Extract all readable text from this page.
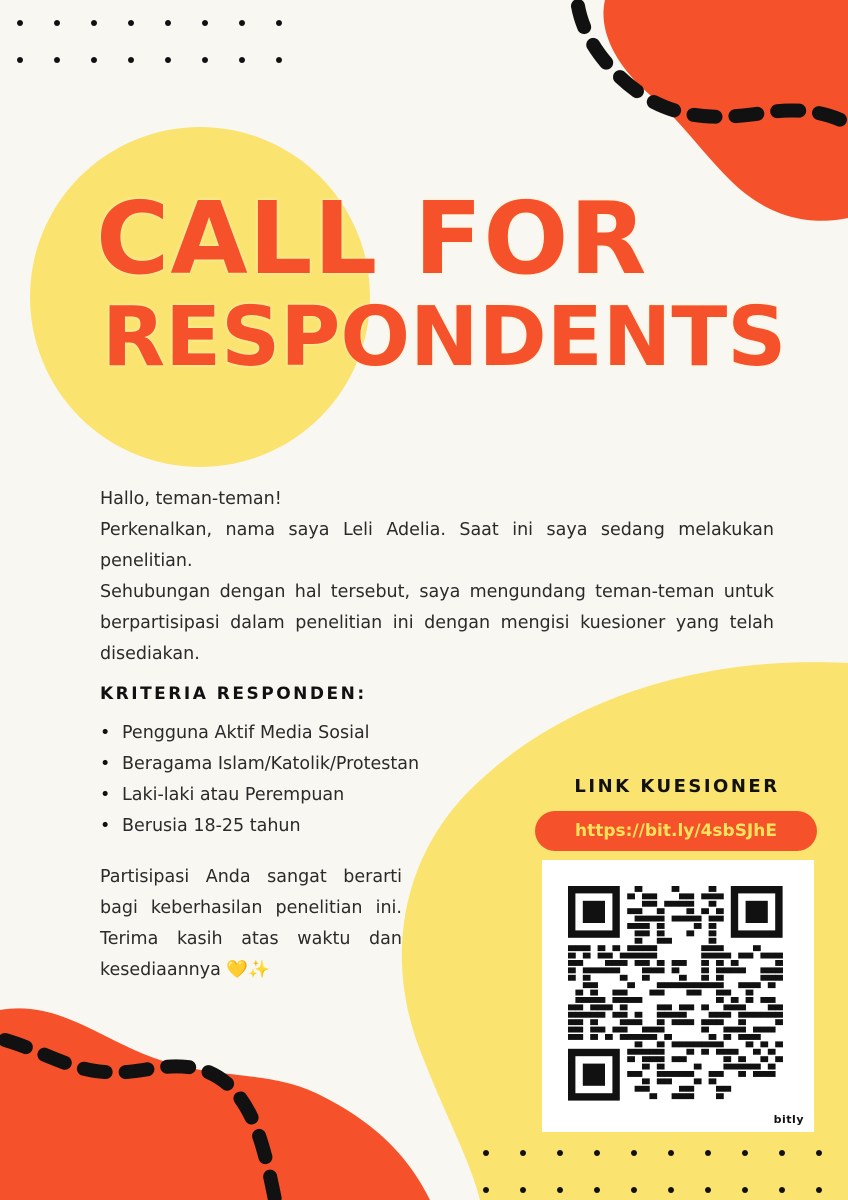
CALL FOR
RESPONDENTS

Hallo, teman-teman!

Perkenalkan, nama saya Leli Adelia. Saat ini saya sedang melakukan penelitian.

Sehubungan dengan hal tersebut, saya mengundang teman-teman untuk berpartisipasi dalam penelitian ini dengan mengisi kuesioner yang telah disediakan.

KRITERIA RESPONDEN:
• Pengguna Aktif Media Sosial
• Beragama Islam/Katolik/Protestan
• Laki-laki atau Perempuan
• Berusia 18-25 tahun
Partisipasi Anda sangat berarti bagi keberhasilan penelitian ini. Terima kasih atas waktu dan kesediaannya 💛✨
LINK KUESIONER
https://bit.ly/4sbSJhE
bitly
